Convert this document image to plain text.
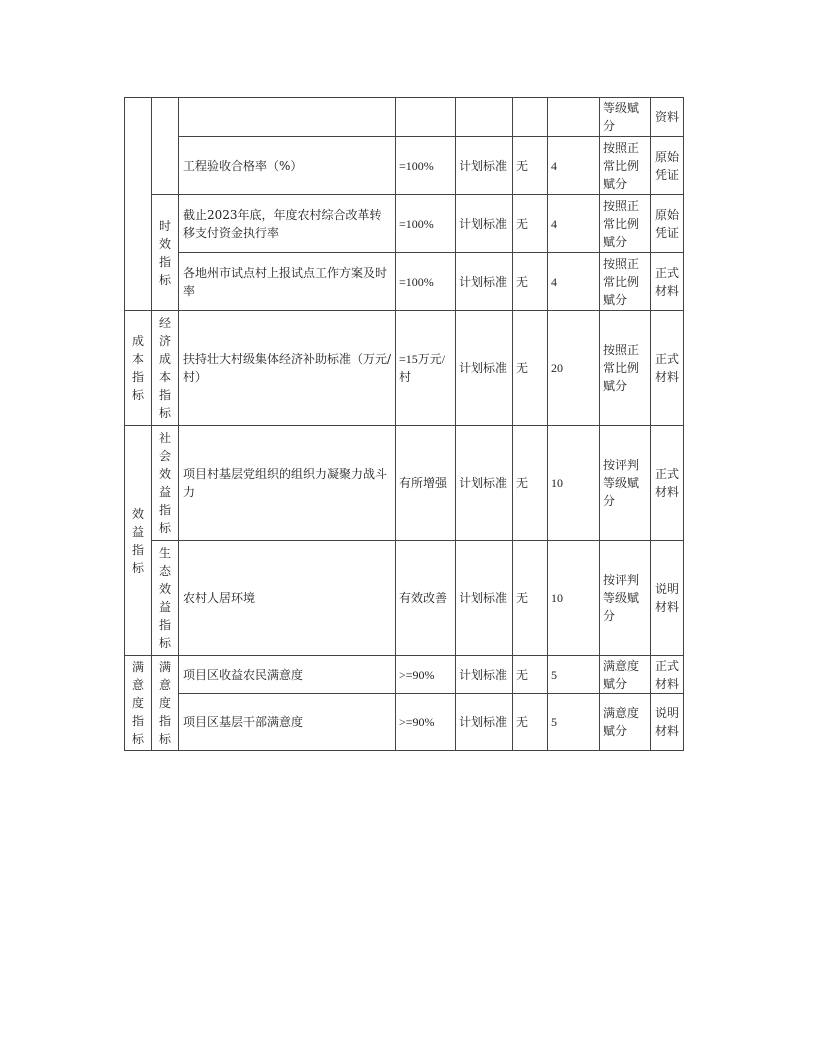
							等级赋分	资料
		工程验收合格率（%）	=100%	计划标准	无	4	按照正常比例赋分	原始凭证
	时效指标	截止2023年底，年度农村综合改革转移支付资金执行率	=100%	计划标准	无	4	按照正常比例赋分	原始凭证
		各地州市试点村上报试点工作方案及时率	=100%	计划标准	无	4	按照正常比例赋分	正式材料
成本指标	经济成本指标	扶持壮大村级集体经济补助标准（万元/村）	=15万元/村	计划标准	无	20	按照正常比例赋分	正式材料
效益指标	社会效益指标	项目村基层党组织的组织力凝聚力战斗力	有所增强	计划标准	无	10	按评判等级赋分	正式材料
	生态效益指标	农村人居环境	有效改善	计划标准	无	10	按评判等级赋分	说明材料
满意度指标	满意度指标	项目区收益农民满意度	>=90%	计划标准	无	5	满意度赋分	正式材料
		项目区基层干部满意度	>=90%	计划标准	无	5	满意度赋分	说明材料
